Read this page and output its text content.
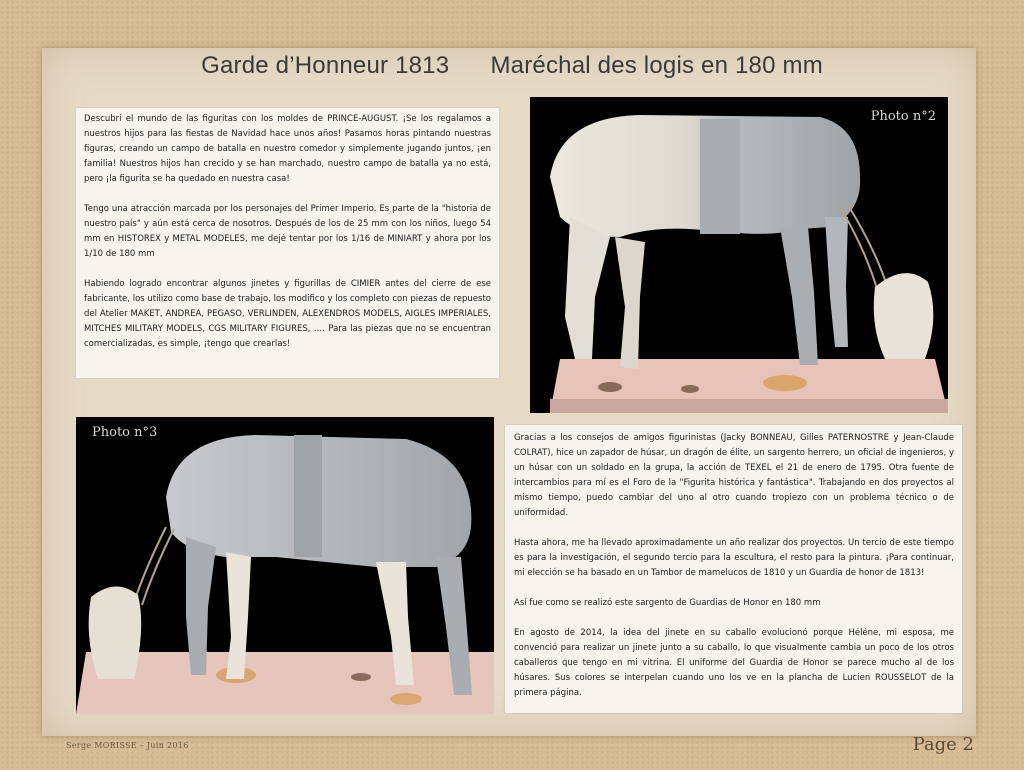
Garde d’Honneur 1813      Maréchal des logis en 180 mm

Descubrí el mundo de las figuritas con los moldes de PRINCE-AUGUST. ¡Se los regalamos a nuestros hijos para las fiestas de Navidad hace unos años! Pasamos horas pintando nuestras figuras, creando un campo de batalla en nuestro comedor y simplemente jugando juntos, ¡en familia! Nuestros hijos han crecido y se han marchado, nuestro campo de batalla ya no está, pero ¡la figurita se ha quedado en nuestra casa!

Tengo una atracción marcada por los personajes del Primer Imperio. Es parte de la "historia de nuestro país" y aún está cerca de nosotros. Después de los de 25 mm con los niños, luego 54 mm en HISTOREX y METAL MODELES, me dejé tentar por los 1/16 de MINIART y ahora por los 1/10 de 180 mm

Habiendo logrado encontrar algunos jinetes y figurillas de CIMIER antes del cierre de ese fabricante, los utilizo como base de trabajo, los modifico y los completo con piezas de repuesto del Atelier MAKET, ANDREA, PEGASO, VERLINDEN, ALEXENDROS MODELS, AIGLES IMPERIALES, MITCHES MILITARY MODELS, CGS MILITARY FIGURES, …. Para las piezas que no se encuentran comercializadas, es simple, ¡tengo que crearlas!

Photo n°2
Photo n°3	Gracias a los consejos de amigos figurinistas (Jacky BONNEAU, Gilles PATERNOSTRE y Jean-Claude COLRAT), hice un zapador de húsar, un dragón de élite, un sargento herrero, un oficial de ingenieros, y un húsar con un soldado en la grupa, la acción de TEXEL el 21 de enero de 1795. Otra fuente de intercambios para mí es el Foro de la "Figurita histórica y fantástica". Trabajando en dos proyectos al mismo tiempo, puedo cambiar del uno al otro cuando tropiezo con un problema técnico o de uniformidad.

Hasta ahora, me ha llevado aproximadamente un año realizar dos proyectos. Un tercio de este tiempo es para la investigación, el segundo tercio para la escultura, el resto para la pintura. ¡Para continuar, mi elección se ha basado en un Tambor de mamelucos de 1810 y un Guardia de honor de 1813!

Así fue como se realizó este sargento de Guardias de Honor en 180 mm

En agosto de 2014, la idea del jinete en su caballo evolucionó porque Héléne, mi esposa, me convenció para realizar un jinete junto a su caballo, lo que visualmente cambia un poco de los otros caballeros que tengo en mi vitrina. El uniforme del Guardia de Honor se parece mucho al de los húsares. Sus colores se interpelan cuando uno los ve en la plancha de Lucien ROUSSELOT de la primera página.

Serge MORISSE – Juin 2016	Page 2
